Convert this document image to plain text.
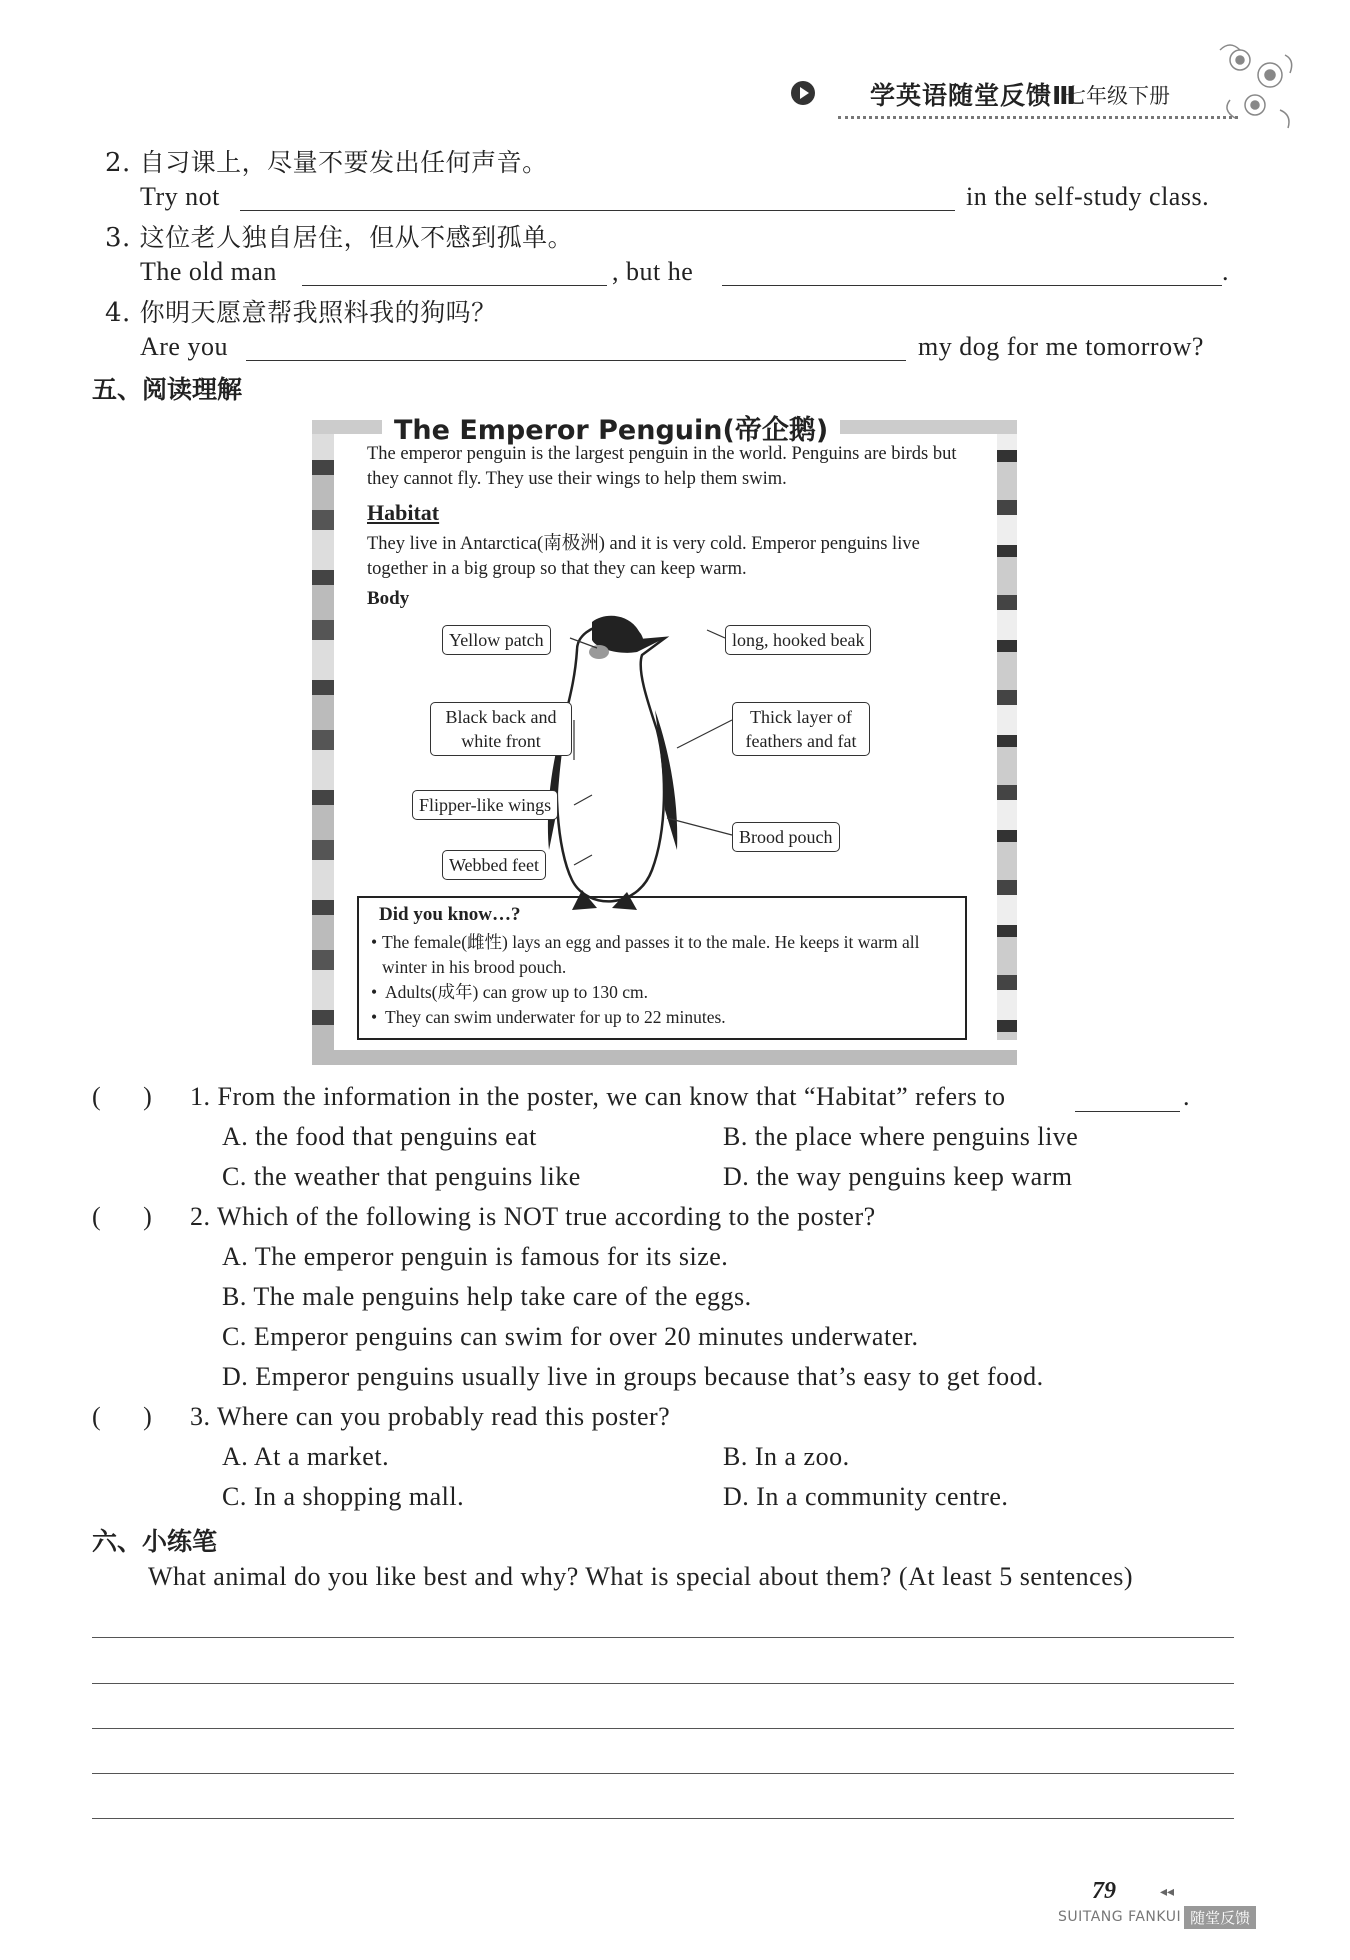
学英语随堂反馈Ⅲ
七年级下册
2. 自习课上，尽量不要发出任何声音。
Try not	in the self-study class.
3. 这位老人独自居住，但从不感到孤单。
The old man	, but he	.
4. 你明天愿意帮我照料我的狗吗？
Are you	my dog for me tomorrow?
五、阅读理解
The Emperor Penguin(帝企鹅)
The emperor penguin is the largest penguin in the world. Penguins are birds but they cannot fly. They use their wings to help them swim.
Habitat
They live in Antarctica(南极洲) and it is very cold. Emperor penguins live together in a big group so that they can keep warm.
Body
Yellow patch	long, hooked beak
Black back and
white front
Thick layer of
feathers and fat
Flipper-like wings
Brood pouch
Webbed feet
Did you know…?
• The female(雌性) lays an egg and passes it to the male. He keeps it warm all winter in his brood pouch.
• Adults(成年) can grow up to 130 cm.
• They can swim underwater for up to 22 minutes.
(      ) 1. From the information in the poster, we can know that “Habitat” refers to	.
A. the food that penguins eat	B. the place where penguins live
C. the weather that penguins like	D. the way penguins keep warm
(      ) 2. Which of the following is NOT true according to the poster?
A. The emperor penguin is famous for its size.
B. The male penguins help take care of the eggs.
C. Emperor penguins can swim for over 20 minutes underwater.
D. Emperor penguins usually live in groups because that’s easy to get food.
(      ) 3. Where can you probably read this poster?
A. At a market.	B. In a zoo.
C. In a shopping mall.	D. In a community centre.
六、小练笔
What animal do you like best and why? What is special about them? (At least 5 sentences)
79	◂◂
SUITANG FANKUI 随堂反馈
